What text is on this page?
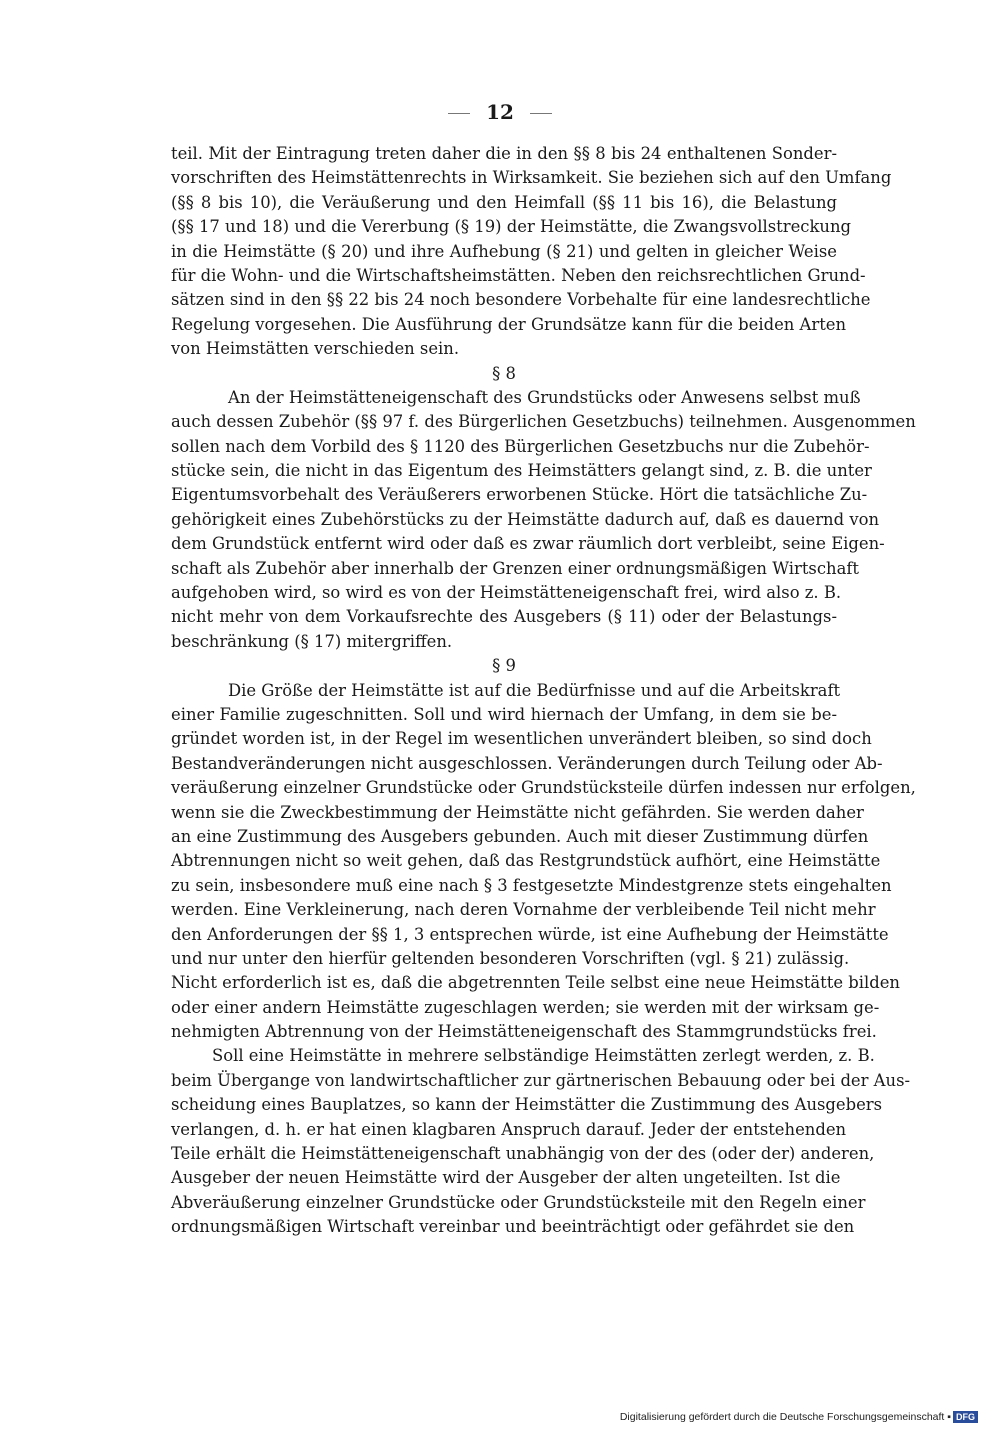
12
teil. Mit der Eintragung treten daher die in den §§ 8 bis 24 enthaltenen Sonder-
vorschriften des Heimstättenrechts in Wirksamkeit. Sie beziehen sich auf den Umfang
(§§ 8 bis 10), die Veräußerung und den Heimfall (§§ 11 bis 16), die Belastung
(§§ 17 und 18) und die Vererbung (§ 19) der Heimstätte, die Zwangsvollstreckung
in die Heimstätte (§ 20) und ihre Aufhebung (§ 21) und gelten in gleicher Weise
für die Wohn- und die Wirtschaftsheimstätten. Neben den reichsrechtlichen Grund-
sätzen sind in den §§ 22 bis 24 noch besondere Vorbehalte für eine landesrechtliche
Regelung vorgesehen. Die Ausführung der Grundsätze kann für die beiden Arten
von Heimstätten verschieden sein.
§ 8
An der Heimstätteneigenschaft des Grundstücks oder Anwesens selbst muß
auch dessen Zubehör (§§ 97 f. des Bürgerlichen Gesetzbuchs) teilnehmen. Ausgenommen
sollen nach dem Vorbild des § 1120 des Bürgerlichen Gesetzbuchs nur die Zubehör-
stücke sein, die nicht in das Eigentum des Heimstätters gelangt sind, z. B. die unter
Eigentumsvorbehalt des Veräußerers erworbenen Stücke. Hört die tatsächliche Zu-
gehörigkeit eines Zubehörstücks zu der Heimstätte dadurch auf, daß es dauernd von
dem Grundstück entfernt wird oder daß es zwar räumlich dort verbleibt, seine Eigen-
schaft als Zubehör aber innerhalb der Grenzen einer ordnungsmäßigen Wirtschaft
aufgehoben wird, so wird es von der Heimstätteneigenschaft frei, wird also z. B.
nicht mehr von dem Vorkaufsrechte des Ausgebers (§ 11) oder der Belastungs-
beschränkung (§ 17) mitergriffen.
§ 9
Die Größe der Heimstätte ist auf die Bedürfnisse und auf die Arbeitskraft
einer Familie zugeschnitten. Soll und wird hiernach der Umfang, in dem sie be-
gründet worden ist, in der Regel im wesentlichen unverändert bleiben, so sind doch
Bestandveränderungen nicht ausgeschlossen. Veränderungen durch Teilung oder Ab-
veräußerung einzelner Grundstücke oder Grundstücksteile dürfen indessen nur erfolgen,
wenn sie die Zweckbestimmung der Heimstätte nicht gefährden. Sie werden daher
an eine Zustimmung des Ausgebers gebunden. Auch mit dieser Zustimmung dürfen
Abtrennungen nicht so weit gehen, daß das Restgrundstück aufhört, eine Heimstätte
zu sein, insbesondere muß eine nach § 3 festgesetzte Mindestgrenze stets eingehalten
werden. Eine Verkleinerung, nach deren Vornahme der verbleibende Teil nicht mehr
den Anforderungen der §§ 1, 3 entsprechen würde, ist eine Aufhebung der Heimstätte
und nur unter den hierfür geltenden besonderen Vorschriften (vgl. § 21) zulässig.
Nicht erforderlich ist es, daß die abgetrennten Teile selbst eine neue Heimstätte bilden
oder einer andern Heimstätte zugeschlagen werden; sie werden mit der wirksam ge-
nehmigten Abtrennung von der Heimstätteneigenschaft des Stammgrundstücks frei.
Soll eine Heimstätte in mehrere selbständige Heimstätten zerlegt werden, z. B.
beim Übergange von landwirtschaftlicher zur gärtnerischen Bebauung oder bei der Aus-
scheidung eines Bauplatzes, so kann der Heimstätter die Zustimmung des Ausgebers
verlangen, d. h. er hat einen klagbaren Anspruch darauf. Jeder der entstehenden
Teile erhält die Heimstätteneigenschaft unabhängig von der des (oder der) anderen,
Ausgeber der neuen Heimstätte wird der Ausgeber der alten ungeteilten. Ist die
Abveräußerung einzelner Grundstücke oder Grundstücksteile mit den Regeln einer
ordnungsmäßigen Wirtschaft vereinbar und beeinträchtigt oder gefährdet sie den
Digitalisierung gefördert durch die Deutsche Forschungsgemeinschaft ▪ DFG
